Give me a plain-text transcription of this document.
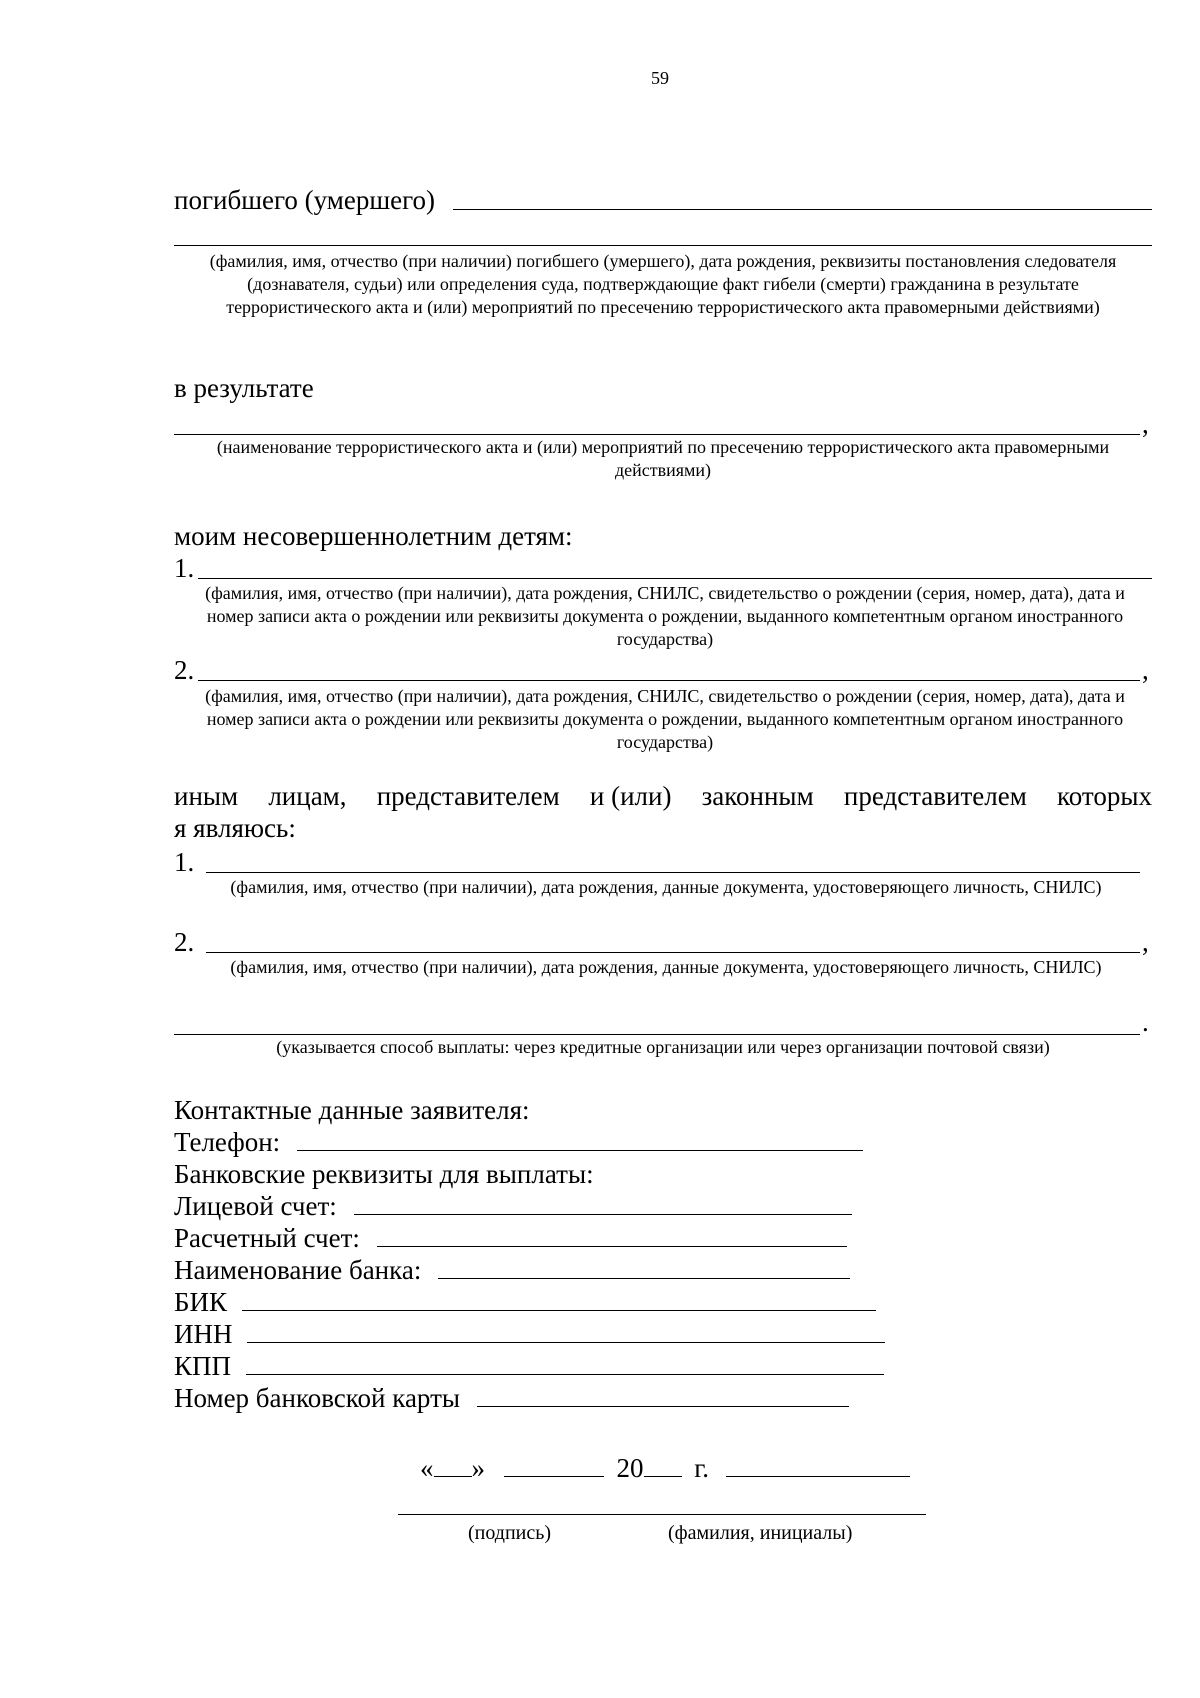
59
погибшего (умершего)
(фамилия, имя, отчество (при наличии) погибшего (умершего), дата рождения, реквизиты постановления следователя (дознавателя, судьи) или определения суда, подтверждающие факт гибели (смерти) гражданина в результате террористического акта и (или) мероприятий по пресечению террористического акта правомерными действиями)
в результате
,
(наименование террористического акта и (или) мероприятий по пресечению террористического акта правомерными действиями)
моим несовершеннолетним детям:
1.
(фамилия, имя, отчество (при наличии), дата рождения, СНИЛС, свидетельство о рождении (серия, номер, дата), дата и номер записи акта о рождении или реквизиты документа о рождении, выданного компетентным органом иностранного государства)
2.	,
(фамилия, имя, отчество (при наличии), дата рождения, СНИЛС, свидетельство о рождении (серия, номер, дата), дата и номер записи акта о рождении или реквизиты документа о рождении, выданного компетентным органом иностранного государства)
иным лицам, представителем и (или) законным представителем которых
я являюсь:
1.
(фамилия, имя, отчество (при наличии), дата рождения, данные документа, удостоверяющего личность, СНИЛС)
2.	,
(фамилия, имя, отчество (при наличии), дата рождения, данные документа, удостоверяющего личность, СНИЛС)
.
(указывается способ выплаты: через кредитные организации или через организации почтовой связи)
Контактные данные заявителя:
Телефон:
Банковские реквизиты для выплаты:
Лицевой счет:
Расчетный счет:
Наименование банка:
БИК
ИНН
КПП
Номер банковской карты
« »	20 г.
(подпись)	(фамилия, инициалы)
